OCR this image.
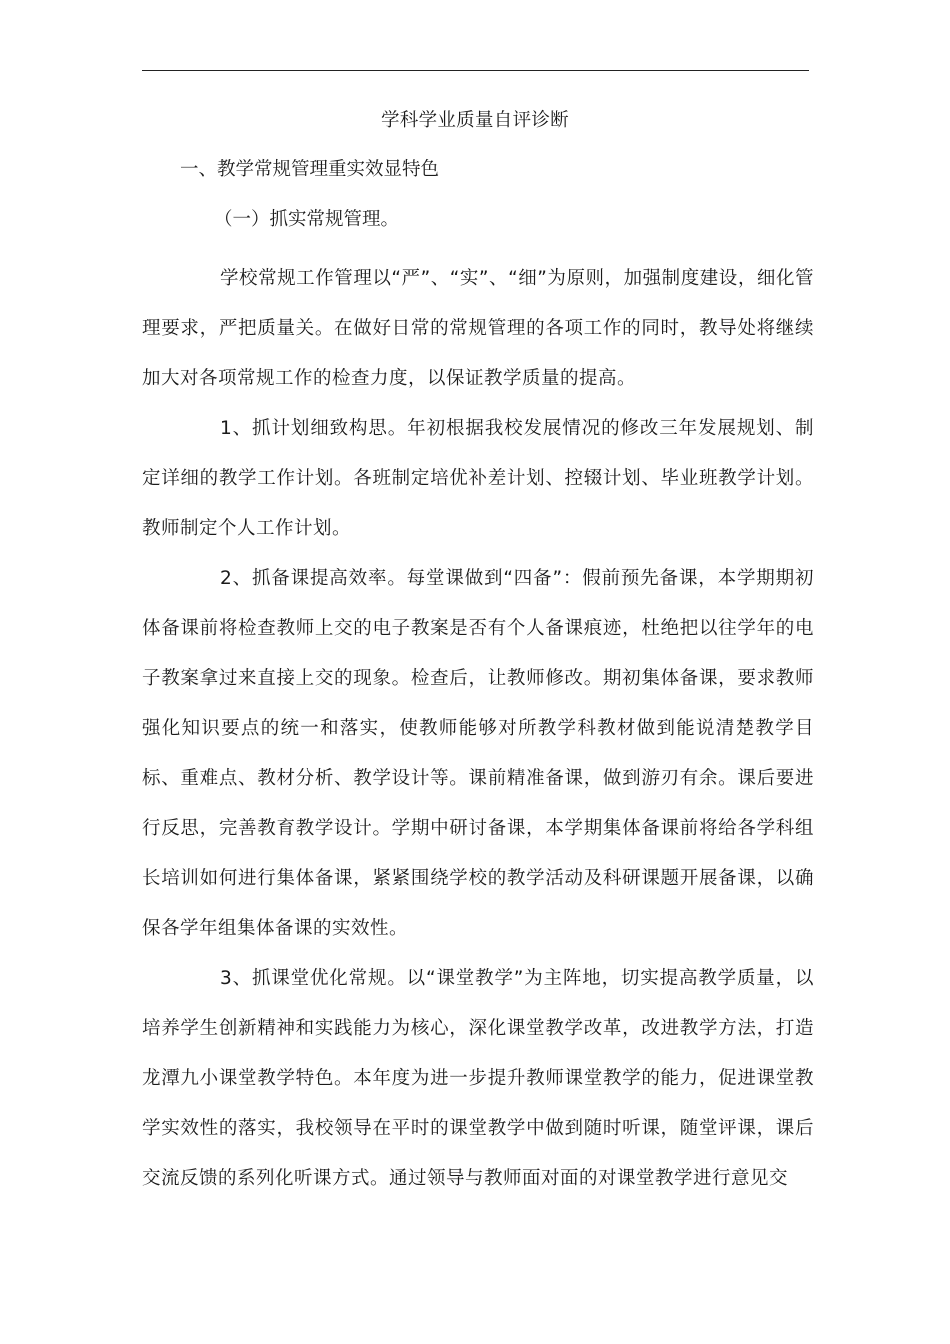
学科学业质量自评诊断
一、教学常规管理重实效显特色
（一）抓实常规管理。

学校常规工作管理以“严”、“实”、“细”为原则，加强制度建设，细化管理要求，严把质量关。在做好日常的常规管理的各项工作的同时，教导处将继续加大对各项常规工作的检查力度，以保证教学质量的提高。

1、抓计划细致构思。年初根据我校发展情况的修改三年发展规划、制定详细的教学工作计划。各班制定培优补差计划、控辍计划、毕业班教学计划。教师制定个人工作计划。

2、抓备课提高效率。每堂课做到“四备”：假前预先备课，本学期期初体备课前将检查教师上交的电子教案是否有个人备课痕迹，杜绝把以往学年的电子教案拿过来直接上交的现象。检查后，让教师修改。期初集体备课，要求教师强化知识要点的统一和落实，使教师能够对所教学科教材做到能说清楚教学目标、重难点、教材分析、教学设计等。课前精准备课，做到游刃有余。课后要进行反思，完善教育教学设计。学期中研讨备课，本学期集体备课前将给各学科组长培训如何进行集体备课，紧紧围绕学校的教学活动及科研课题开展备课，以确保各学年组集体备课的实效性。

3、抓课堂优化常规。以“课堂教学”为主阵地，切实提高教学质量，以培养学生创新精神和实践能力为核心，深化课堂教学改革，改进教学方法，打造龙潭九小课堂教学特色。本年度为进一步提升教师课堂教学的能力，促进课堂教学实效性的落实，我校领导在平时的课堂教学中做到随时听课，随堂评课，课后交流反馈的系列化听课方式。通过领导与教师面对面的对课堂教学进行意见交
